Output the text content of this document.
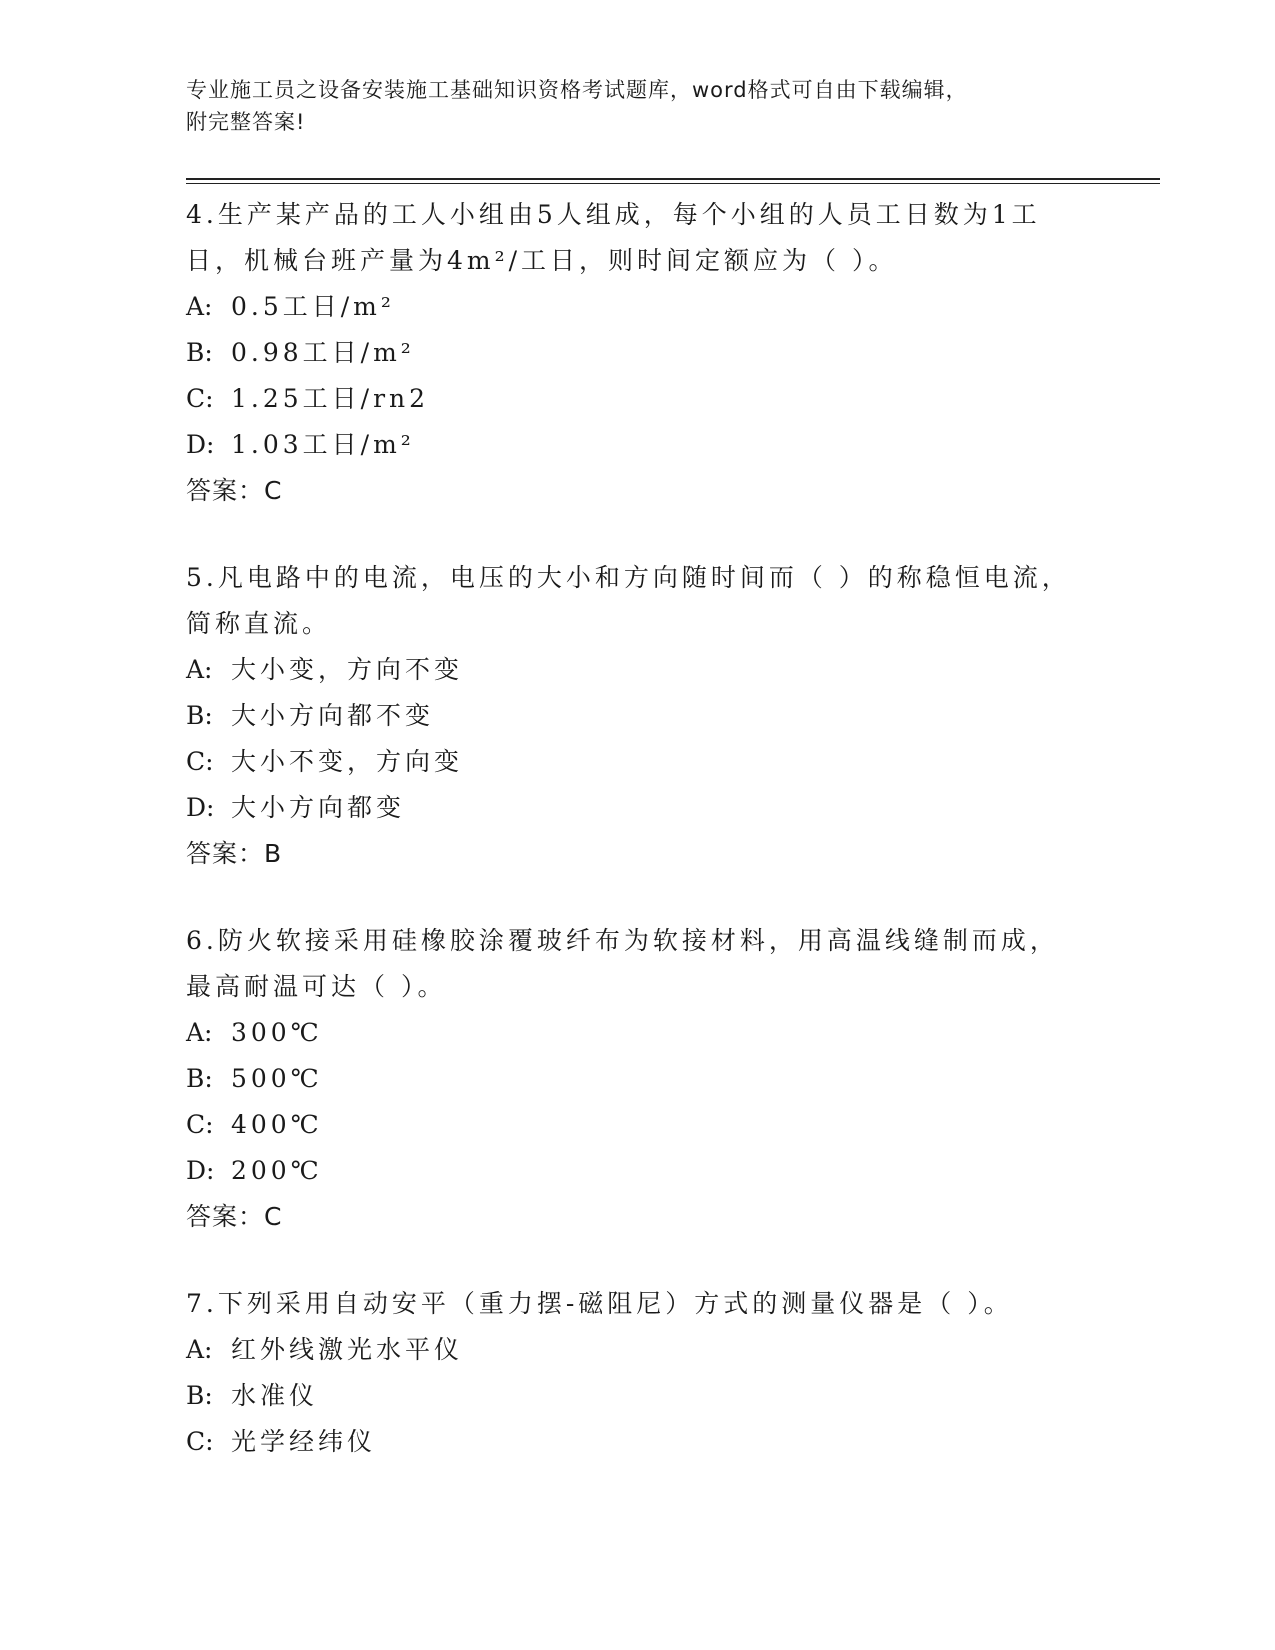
专业施工员之设备安装施工基础知识资格考试题库，word格式可自由下载编辑，
附完整答案!

4.生产某产品的工人小组由5人组成，每个小组的人员工日数为1工日，机械台班产量为4m²/工日，则时间定额应为（ ）。

A: 0.5工日/m²
B: 0.98工日/m²
C: 1.25工日/rn2
D: 1.03工日/m²
答案：C

5.凡电路中的电流，电压的大小和方向随时间而（ ）的称稳恒电流，简称直流。

A: 大小变，方向不变
B: 大小方向都不变
C: 大小不变，方向变
D: 大小方向都变
答案：B

6.防火软接采用硅橡胶涂覆玻纤布为软接材料，用高温线缝制而成，最高耐温可达（ ）。

A: 300℃
B: 500℃
C: 400℃
D: 200℃
答案：C

7.下列采用自动安平（重力摆-磁阻尼）方式的测量仪器是（ ）。

A: 红外线激光水平仪
B: 水准仪
C: 光学经纬仪
